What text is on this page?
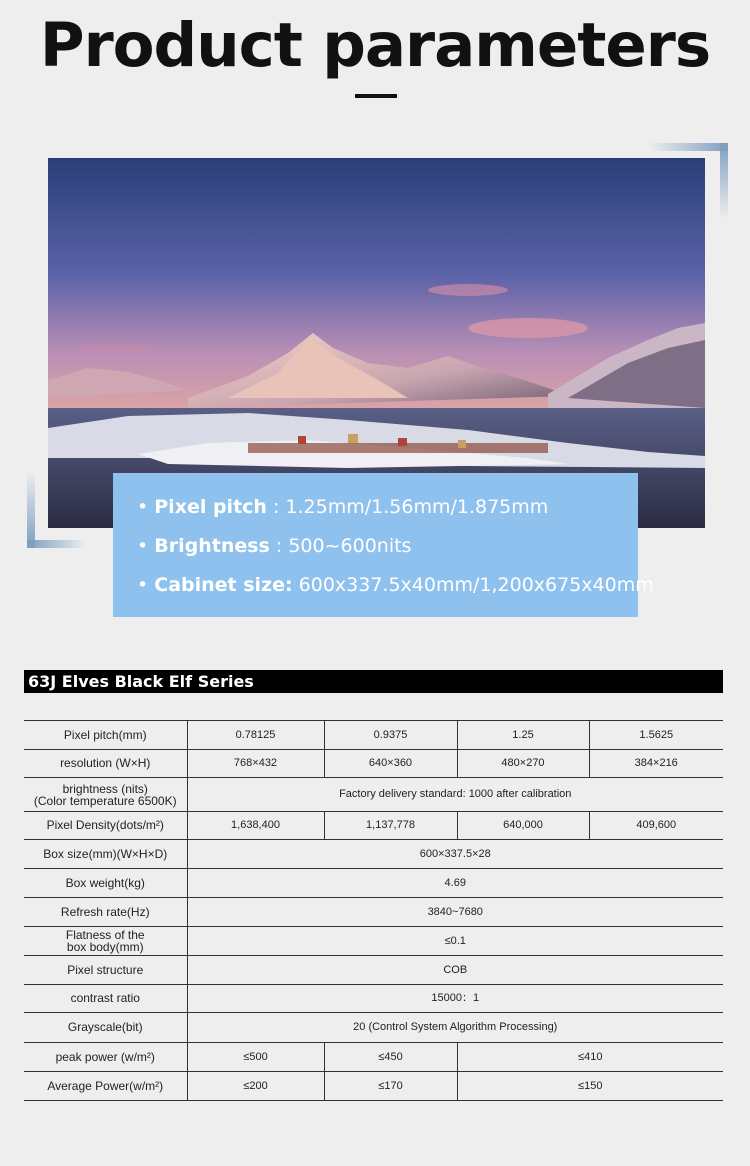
Product parameters
• Pixel pitch : 1.25mm/1.56mm/1.875mm
• Brightness : 500~600nits
• Cabinet size: 600x337.5x40mm/1,200x675x40mm
63J Elves Black Elf Series
Pixel pitch(mm)	0.78125	0.9375	1.25	1.5625
resolution (W×H)	768×432	640×360	480×270	384×216

brightness (nits)
(Color temperature 6500K)	Factory delivery standard: 1000 after calibration			
Pixel Density(dots/m²)	1,638,400	1,137,778	640,000	409,600
Box size(mm)(W×H×D)	600×337.5×28			
Box weight(kg)	4.69			
Refresh rate(Hz)	3840~7680			

Flatness of the
box body(mm)	≤0.1			
Pixel structure	COB			
contrast ratio	15000：1			
Grayscale(bit)	20 (Control System Algorithm Processing)			
peak power (w/m²)	≤500	≤450	≤410	
Average Power(w/m²)	≤200	≤170	≤150	
